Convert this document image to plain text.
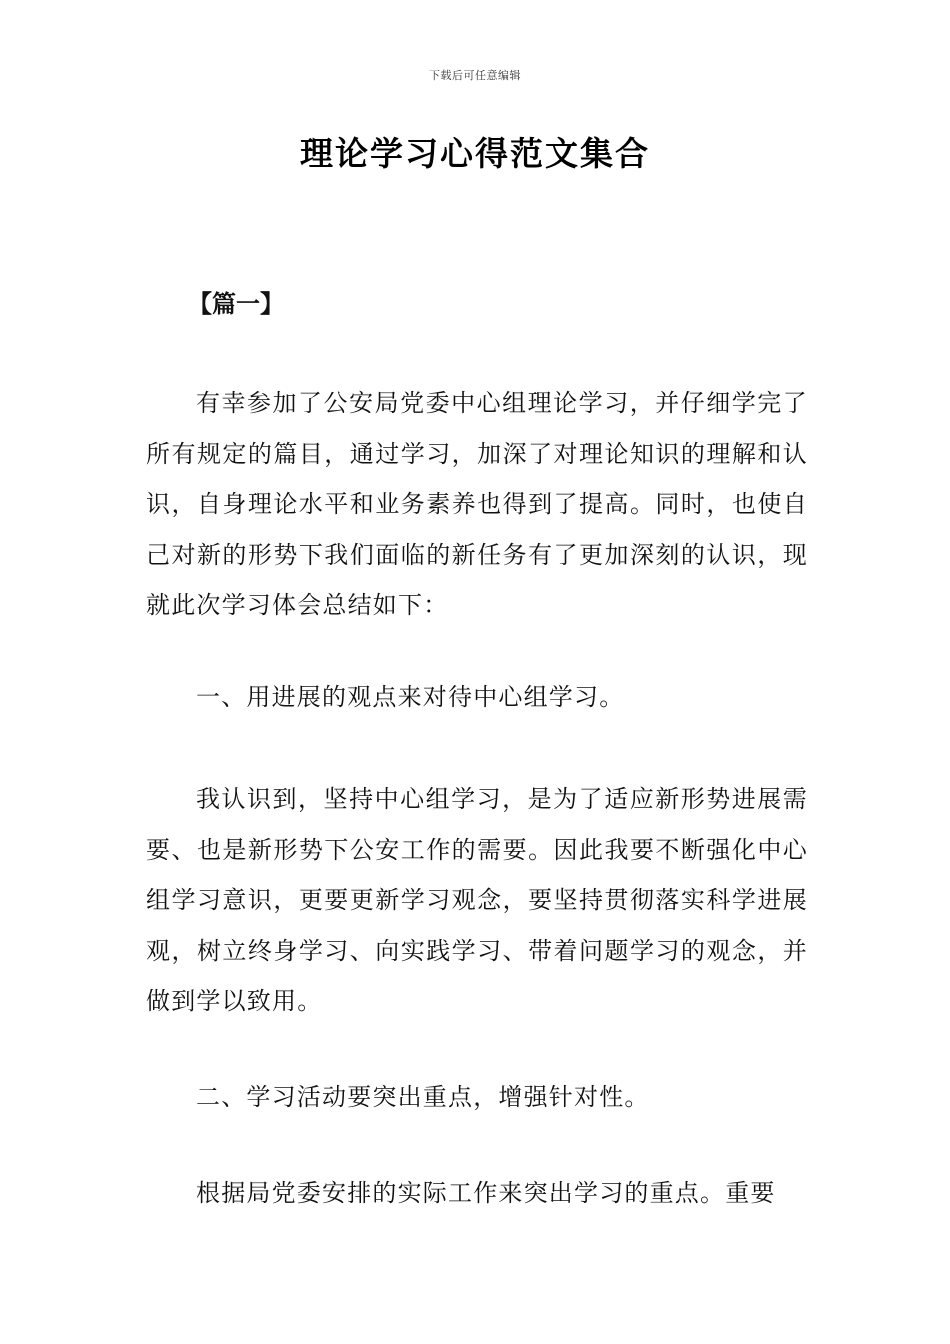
下载后可任意编辑
理论学习心得范文集合
【篇一】

有幸参加了公安局党委中心组理论学习，并仔细学完了所有规定的篇目，通过学习，加深了对理论知识的理解和认识，自身理论水平和业务素养也得到了提高。同时，也使自己对新的形势下我们面临的新任务有了更加深刻的认识，现就此次学习体会总结如下：

一、用进展的观点来对待中心组学习。

我认识到，坚持中心组学习，是为了适应新形势进展需要、也是新形势下公安工作的需要。因此我要不断强化中心组学习意识，更要更新学习观念，要坚持贯彻落实科学进展观，树立终身学习、向实践学习、带着问题学习的观念，并做到学以致用。

二、学习活动要突出重点，增强针对性。

根据局党委安排的实际工作来突出学习的重点。重要
